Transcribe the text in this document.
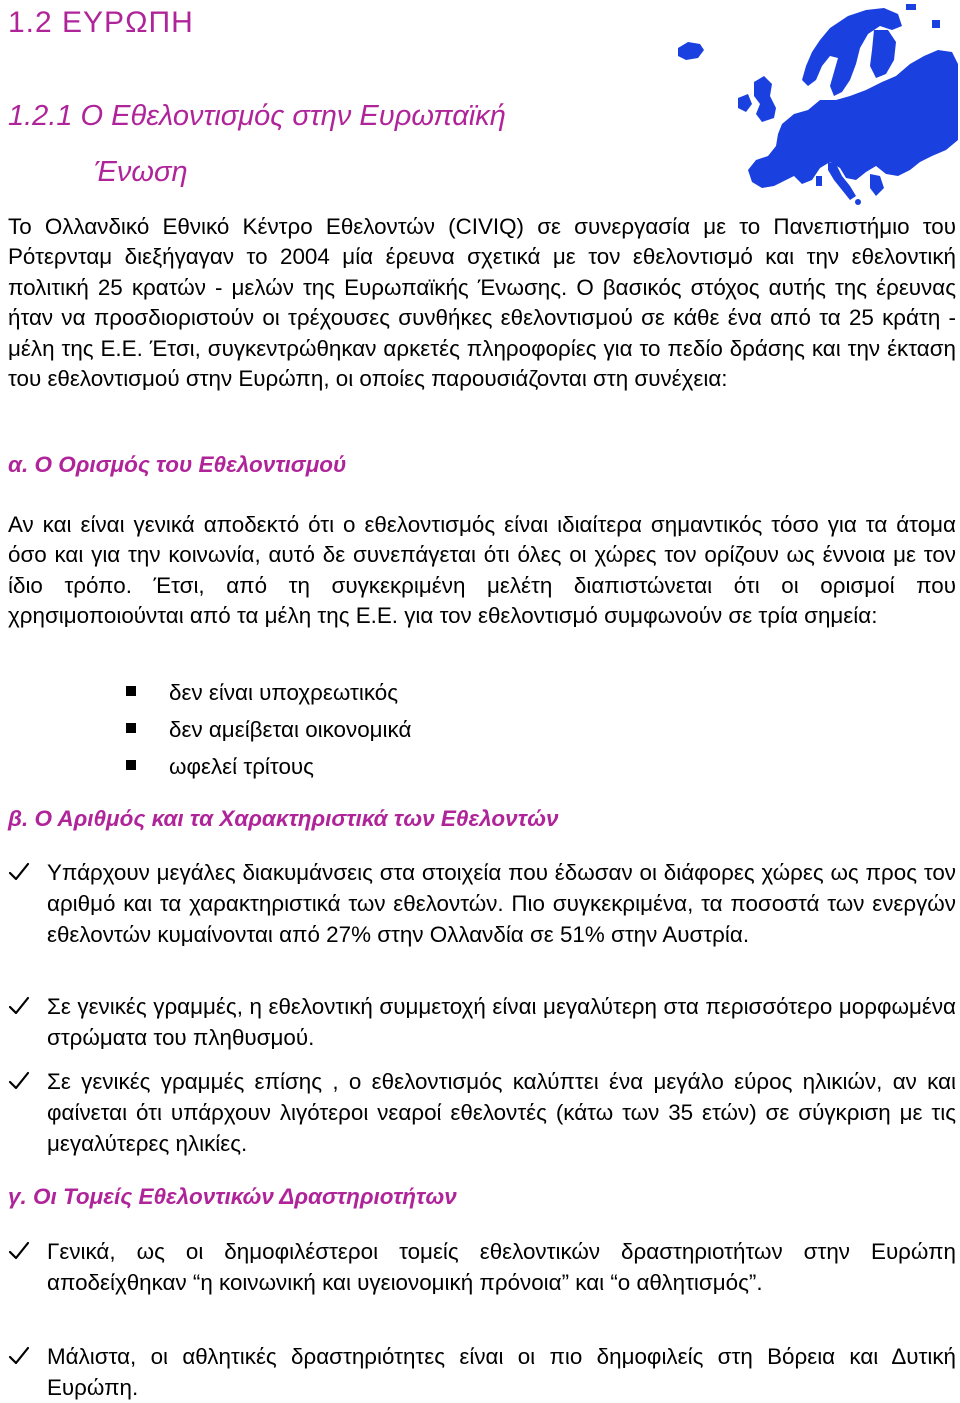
1.2 ΕΥΡΩΠΗ
1.2.1 Ο Εθελοντισμός στην Ευρωπαϊκή
Ένωση

Το Ολλανδικό Εθνικό Κέντρο Εθελοντών (CIVIQ) σε συνεργασία με το Πανεπιστήμιο του Ρότερνταμ διεξήγαγαν το 2004 μία έρευνα σχετικά με τον εθελοντισμό και την εθελοντική πολιτική 25 κρατών - μελών της Ευρωπαϊκής Ένωσης. Ο βασικός στόχος αυτής της έρευνας ήταν να προσδιοριστούν οι τρέχουσες συνθήκες εθελοντισμού σε κάθε ένα από τα 25 κράτη - μέλη της Ε.Ε. Έτσι, συγκεντρώθηκαν αρκετές πληροφορίες για το πεδίο δράσης και την έκταση του εθελοντισμού στην Ευρώπη, οι οποίες παρουσιάζονται στη συνέχεια:

α. Ο Ορισμός του Εθελοντισμού

Αν και είναι γενικά αποδεκτό ότι ο εθελοντισμός είναι ιδιαίτερα σημαντικός τόσο για τα άτομα όσο και για την κοινωνία, αυτό δε συνεπάγεται ότι όλες οι χώρες τον ορίζουν ως έννοια με τον ίδιο τρόπο. Έτσι, από τη συγκεκριμένη μελέτη διαπιστώνεται ότι οι ορισμοί που χρησιμοποιούνται από τα μέλη της Ε.Ε. για τον εθελοντισμό συμφωνούν σε τρία σημεία:

δεν είναι υποχρεωτικός
δεν αμείβεται οικονομικά
ωφελεί τρίτους
β. Ο Αριθμός και τα Χαρακτηριστικά των Εθελοντών
Υπάρχουν μεγάλες διακυμάνσεις στα στοιχεία που έδωσαν οι διάφορες χώρες ως προς τον αριθμό και τα χαρακτηριστικά των εθελοντών. Πιο συγκεκριμένα, τα ποσοστά των ενεργών εθελοντών κυμαίνονται από 27% στην Ολλανδία σε 51% στην Αυστρία.
Σε γενικές γραμμές, η εθελοντική συμμετοχή είναι μεγαλύτερη στα περισσότερο μορφωμένα στρώματα του πληθυσμού.
Σε γενικές γραμμές επίσης , ο εθελοντισμός καλύπτει ένα μεγάλο εύρος ηλικιών, αν και φαίνεται ότι υπάρχουν λιγότεροι νεαροί εθελοντές (κάτω των 35 ετών) σε σύγκριση με τις μεγαλύτερες ηλικίες.
γ. Οι Τομείς Εθελοντικών Δραστηριοτήτων
Γενικά, ως οι δημοφιλέστεροι τομείς εθελοντικών δραστηριοτήτων στην Ευρώπη αποδείχθηκαν “η κοινωνική και υγειονομική πρόνοια” και “ο αθλητισμός”.
Μάλιστα, οι αθλητικές δραστηριότητες είναι οι πιο δημοφιλείς στη Βόρεια και Δυτική Ευρώπη.
